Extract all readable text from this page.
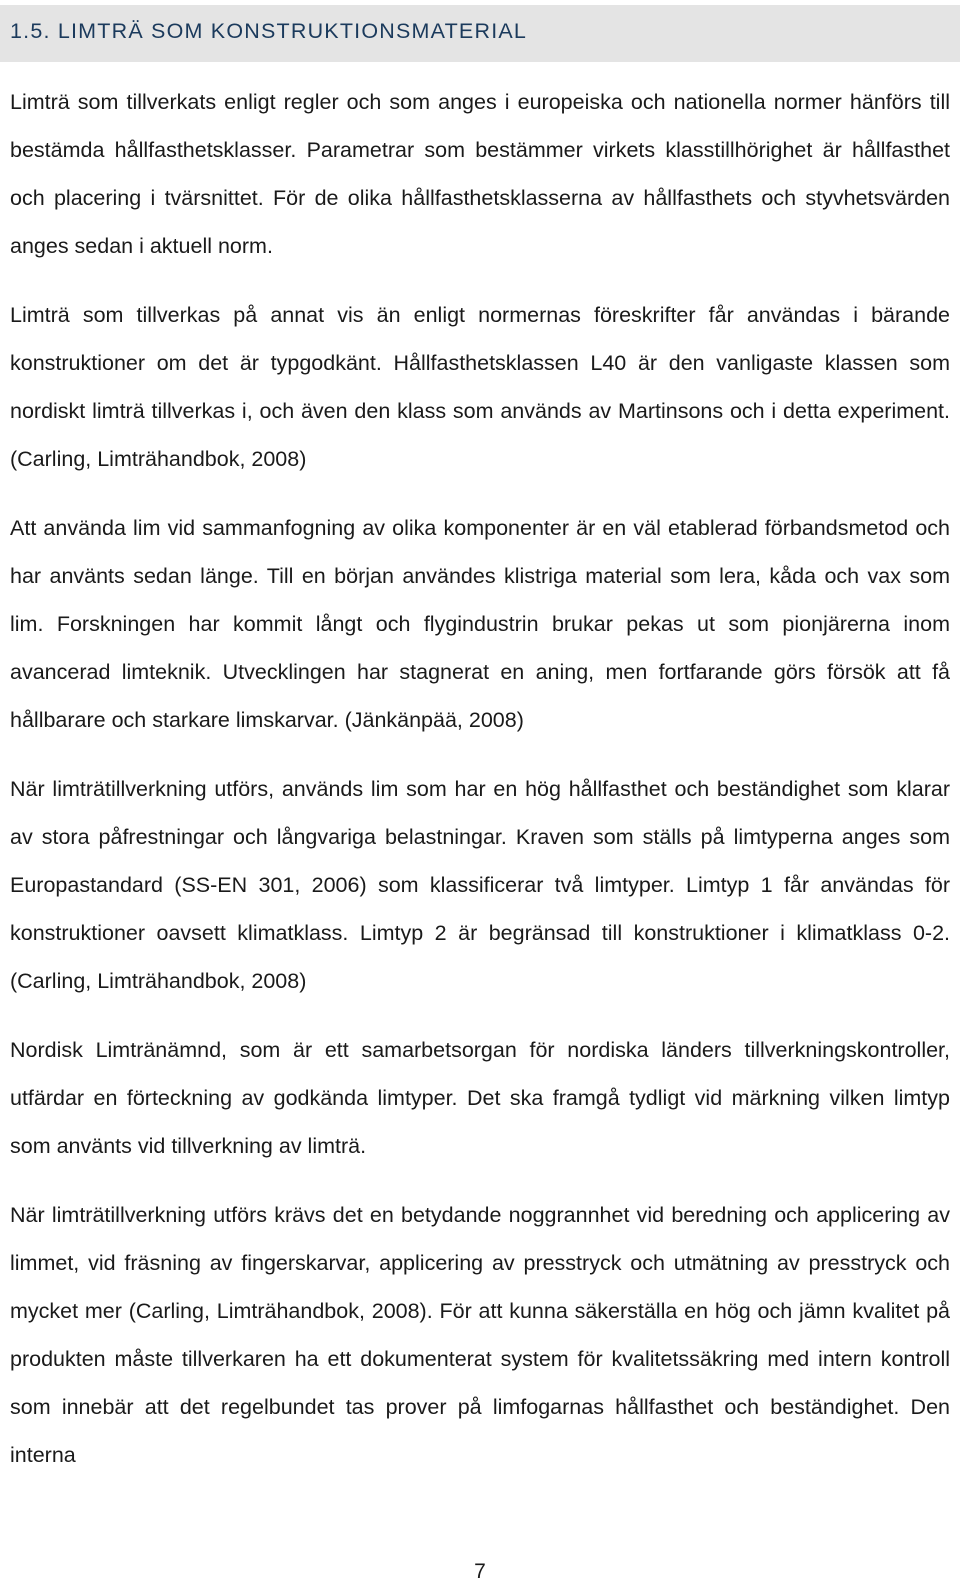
1.5. LIMTRÄ SOM KONSTRUKTIONSMATERIAL

Limträ som tillverkats enligt regler och som anges i europeiska och nationella normer hänförs till bestämda hållfasthetsklasser. Parametrar som bestämmer virkets klasstillhörighet är hållfasthet och placering i tvärsnittet. För de olika hållfasthetsklasserna av hållfasthets och styvhetsvärden anges sedan i aktuell norm.

Limträ som tillverkas på annat vis än enligt normernas föreskrifter får användas i bärande konstruktioner om det är typgodkänt. Hållfasthetsklassen L40 är den vanligaste klassen som nordiskt limträ tillverkas i, och även den klass som används av Martinsons och i detta experiment. (Carling, Limträhandbok, 2008)

Att använda lim vid sammanfogning av olika komponenter är en väl etablerad förbandsmetod och har använts sedan länge. Till en början användes klistriga material som lera, kåda och vax som lim. Forskningen har kommit långt och flygindustrin brukar pekas ut som pionjärerna inom avancerad limteknik. Utvecklingen har stagnerat en aning, men fortfarande görs försök att få hållbarare och starkare limskarvar. (Jänkänpää, 2008)

När limträtillverkning utförs, används lim som har en hög hållfasthet och beständighet som klarar av stora påfrestningar och långvariga belastningar. Kraven som ställs på limtyperna anges som Europastandard (SS-EN 301, 2006) som klassificerar två limtyper. Limtyp 1 får användas för konstruktioner oavsett klimatklass. Limtyp 2 är begränsad till konstruktioner i klimatklass 0-2. (Carling, Limträhandbok, 2008)

Nordisk Limtränämnd, som är ett samarbetsorgan för nordiska länders tillverkningskontroller, utfärdar en förteckning av godkända limtyper. Det ska framgå tydligt vid märkning vilken limtyp som använts vid tillverkning av limträ.

När limträtillverkning utförs krävs det en betydande noggrannhet vid beredning och applicering av limmet, vid fräsning av fingerskarvar, applicering av presstryck och utmätning av presstryck och mycket mer (Carling, Limträhandbok, 2008). För att kunna säkerställa en hög och jämn kvalitet på produkten måste tillverkaren ha ett dokumenterat system för kvalitetssäkring med intern kontroll som innebär att det regelbundet tas prover på limfogarnas hållfasthet och beständighet. Den interna

7
